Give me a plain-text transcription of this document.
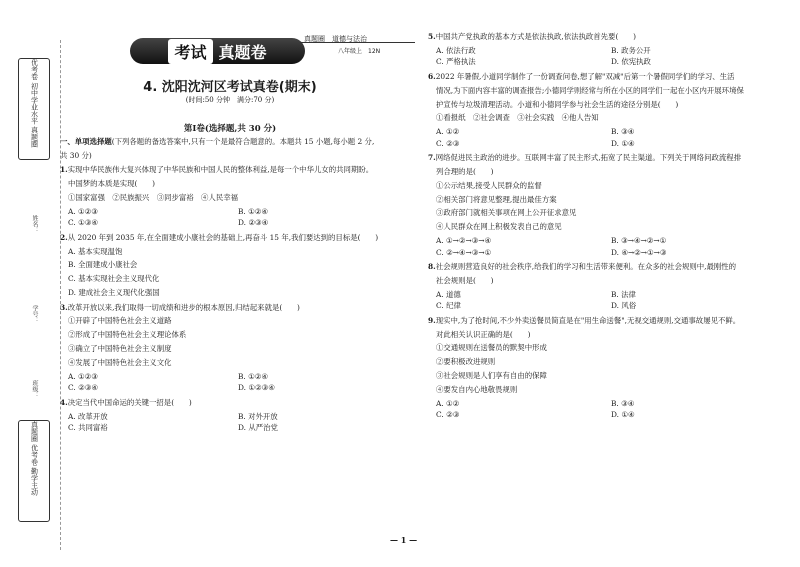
优考卷 初中学业水平 真题圈
姓名：
学号：
班级：
真题圈 优考卷 勤学主动
考试 真题卷
真题圈　道德与法治
八年级上　12N
4. 沈阳沈河区考试真卷(期末)
(时间:50 分钟　满分:70 分)
第Ⅰ卷(选择题,共 30 分)

一、单项选择题(下列各题的备选答案中,只有一个是最符合题意的。本题共 15 小题,每小题 2 分,

共 30 分)

1.实现中华民族伟大复兴体现了中华民族和中国人民的整体利益,是每一个中华儿女的共同期盼。

中国梦的本质是实现(　　)

①国家富强　②民族振兴　③同步富裕　④人民幸福

A. ①②③	B. ①②④
C. ①③④	D. ②③④

2.从 2020 年到 2035 年,在全面建成小康社会的基础上,再奋斗 15 年,我们要达到的目标是(　　)

A. 基本实现温饱

B. 全面建成小康社会

C. 基本实现社会主义现代化

D. 建成社会主义现代化强国

3.改革开放以来,我们取得一切成绩和进步的根本原因,归结起来就是(　　)

①开辟了中国特色社会主义道路

②形成了中国特色社会主义理论体系

③确立了中国特色社会主义制度

④发展了中国特色社会主义文化

A. ①②③	B. ①②④
C. ②③④	D. ①②③④

4.决定当代中国命运的关键一招是(　　)

A. 改革开放	B. 对外开放
C. 共同富裕	D. 从严治党

5.中国共产党执政的基本方式是依法执政,依法执政首先要(　　)

A. 依法行政	B. 政务公开
C. 严格执法	D. 依宪执政

6.2022 年暑假,小道同学制作了一份调查问卷,想了解"双减"后第一个暑假同学们的学习、生活

情况,为下面内容丰富的调查报告;小德同学则经常与所在小区的同学们一起在小区内开展环境保

护宣传与垃圾清理活动。小道和小德同学参与社会生活的途径分别是(　　)

①看报纸　②社会调查　③社会实践　④他人告知

A. ①②	B. ③④
C. ②③	D. ①④

7.网络促进民主政治的进步。互联网丰富了民主形式,拓宽了民主渠道。下列关于网络问政流程排

列合理的是(　　)

①公示结果,接受人民群众的监督

②相关部门将意见整理,提出最佳方案

③政府部门就相关事项在网上公开征求意见

④人民群众在网上积极发表自己的意见

A. ①→②→③→④	B. ③→④→②→①
C. ②→④→③→①	D. ④→②→①→③

8.社会规则营造良好的社会秩序,给我们的学习和生活带来便利。在众多的社会规则中,最刚性的

社会规则是(　　)

A. 道德	B. 法律
C. 纪律	D. 风俗

9.现实中,为了抢时间,不少外卖送餐员简直是在"用生命送餐",无视交通规则,交通事故屡见不鲜。

对此相关认识正确的是(　　)

①交通规则在送餐员的默契中形成

②要积极改进规则

③社会规则是人们享有自由的保障

④要发自内心地敬畏规则

A. ①②	B. ③④
C. ②③	D. ①④
— 1 —
